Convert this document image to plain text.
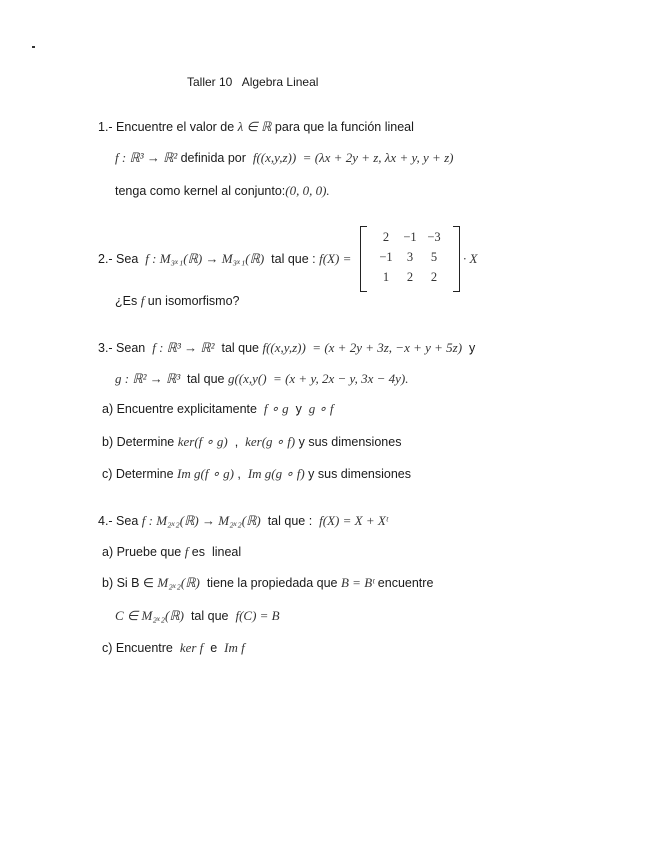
Taller 10   Algebra Lineal
1.- Encuentre el valor de λ ∈ ℝ para que la función lineal
f : ℝ³ → ℝ² definida por  f((x,y,z))  = (λx + 2y + z, λx + y, y + z)
tenga como kernel al conjunto:(0, 0, 0).
2.- Sea  f : M₃ₓ₁(ℝ) → M₃ₓ₁(ℝ)  tal que : f(X) =
2	−1 −3
−1	3	5
1	2	2
· X
¿Es f un isomorfismo?
3.- Sean  f : ℝ³ → ℝ²  tal que f((x,y,z))  = (x + 2y + 3z, −x + y + 5z)  y
g : ℝ² → ℝ³  tal que g((x,y()  = (x + y, 2x − y, 3x − 4y).
a) Encuentre explicitamente  f ∘ g  y  g ∘ f
b) Determine ker(f ∘ g)  ,  ker(g ∘ f) y sus dimensiones
c) Determine Im g(f ∘ g) ,  Im g(g ∘ f) y sus dimensiones
4.- Sea f : M₂ₓ₂(ℝ) → M₂ₓ₂(ℝ)  tal que :  f(X) = X + Xᵗ
a) Pruebe que f es  lineal
b) Si B ∈ M₂ₓ₂(ℝ)  tiene la propiedada que B = Bᵗ encuentre
C ∈ M₂ₓ₂(ℝ)  tal que  f(C) = B
c) Encuentre  ker f  e  Im f
